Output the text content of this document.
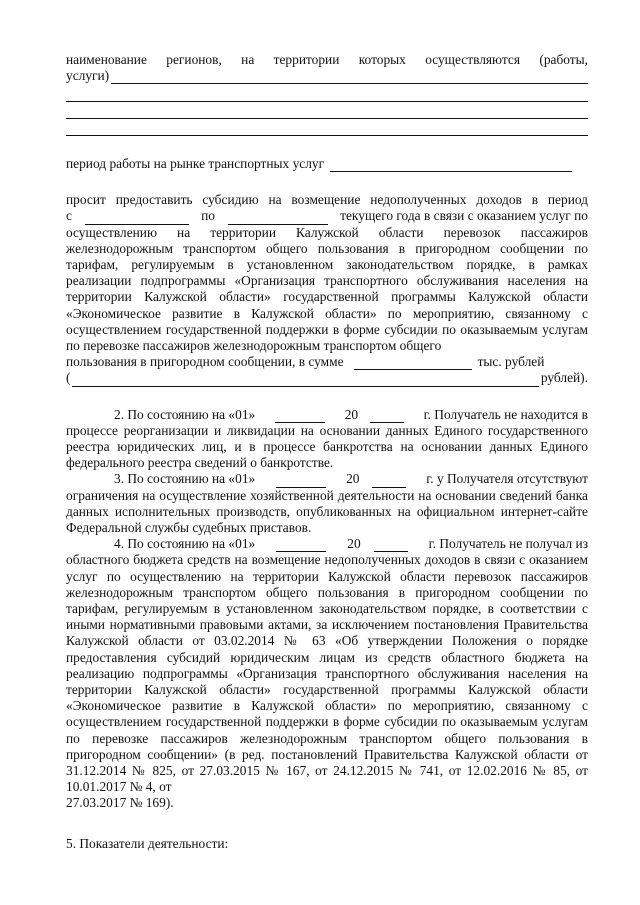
наименование регионов, на территории которых осуществляются (работы,
услуги)
период работы на рынке транспортных услуг
просит предоставить субсидию на возмещение недополученных доходов в период
с	по	текущего года в связи с оказанием услуг по
осуществлению на территории Калужской области перевозок пассажиров железнодорожным транспортом общего пользования в пригородном сообщении по тарифам, регулируемым в установленном законодательством порядке, в рамках реализации подпрограммы «Организация транспортного обслуживания населения на территории Калужской области» государственной программы Калужской области «Экономическое развитие в Калужской области» по мероприятию, связанному с осуществлением государственной поддержки в форме субсидии по оказываемым услугам по перевозке пассажиров железнодорожным транспортом общего
пользования в пригородном сообщении, в сумме	тыс. рублей
(	рублей).
2. По состоянию на «01»	20	г. Получатель не находится в
процессе реорганизации и ликвидации на основании данных Единого государственного реестра юридических лиц, и в процессе банкротства на основании данных Единого федерального реестра сведений о банкротстве.
3. По состоянию на «01»	20	г. у Получателя отсутствуют
ограничения на осуществление хозяйственной деятельности на основании сведений банка данных исполнительных производств, опубликованных на официальном интернет-сайте Федеральной службы судебных приставов.
4. По состоянию на «01»	20	г. Получатель не получал из
областного бюджета средств на возмещение недополученных доходов в связи с оказанием услуг по осуществлению на территории Калужской области перевозок пассажиров железнодорожным транспортом общего пользования в пригородном сообщении по тарифам, регулируемым в установленном законодательством порядке, в соответствии с иными нормативными правовыми актами, за исключением постановления Правительства Калужской области от 03.02.2014 № 63 «Об утверждении Положения о порядке предоставления субсидий юридическим лицам из средств областного бюджета на реализацию подпрограммы «Организация транспортного обслуживания населения на территории Калужской области» государственной программы Калужской области «Экономическое развитие в Калужской области» по мероприятию, связанному с осуществлением государственной поддержки в форме субсидии по оказываемым услугам по перевозке пассажиров железнодорожным транспортом общего пользования в пригородном сообщении» (в ред. постановлений Правительства Калужской области от 31.12.2014 № 825, от 27.03.2015 № 167, от 24.12.2015 № 741, от 12.02.2016 № 85, от 10.01.2017 № 4, от
27.03.2017 № 169).
5. Показатели деятельности:
